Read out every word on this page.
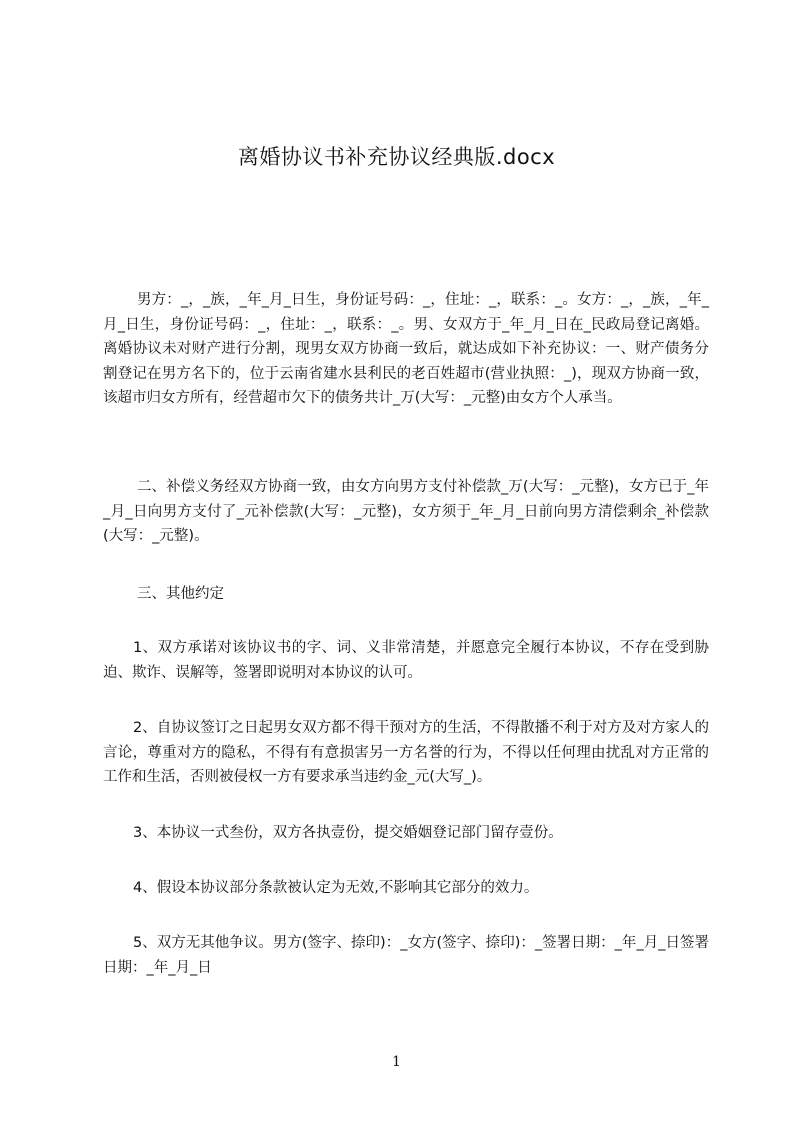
离婚协议书补充协议经典版.docx

男方：_，_族，_年_月_日生，身份证号码：_，住址：_，联系：_。女方：_，_族，_年_月_日生，身份证号码：_，住址：_，联系：_。男、女双方于_年_月_日在_民政局登记离婚。离婚协议未对财产进行分割，现男女双方协商一致后，就达成如下补充协议：一、财产债务分割登记在男方名下的，位于云南省建水县利民的老百姓超市(营业执照：_)，现双方协商一致，该超市归女方所有，经营超市欠下的债务共计_万(大写：_元整)由女方个人承当。

二、补偿义务经双方协商一致，由女方向男方支付补偿款_万(大写：_元整)，女方已于_年_月_日向男方支付了_元补偿款(大写：_元整)，女方须于_年_月_日前向男方清偿剩余_补偿款(大写：_元整)。

三、其他约定

1、双方承诺对该协议书的字、词、义非常清楚，并愿意完全履行本协议，不存在受到胁迫、欺诈、误解等，签署即说明对本协议的认可。

2、自协议签订之日起男女双方都不得干预对方的生活，不得散播不利于对方及对方家人的言论，尊重对方的隐私，不得有有意损害另一方名誉的行为，不得以任何理由扰乱对方正常的工作和生活，否则被侵权一方有要求承当违约金_元(大写_)。

3、本协议一式叁份，双方各执壹份，提交婚姻登记部门留存壹份。

4、假设本协议部分条款被认定为无效,不影响其它部分的效力。

5、双方无其他争议。男方(签字、捺印)：_女方(签字、捺印)：_签署日期：_年_月_日签署日期：_年_月_日

1
